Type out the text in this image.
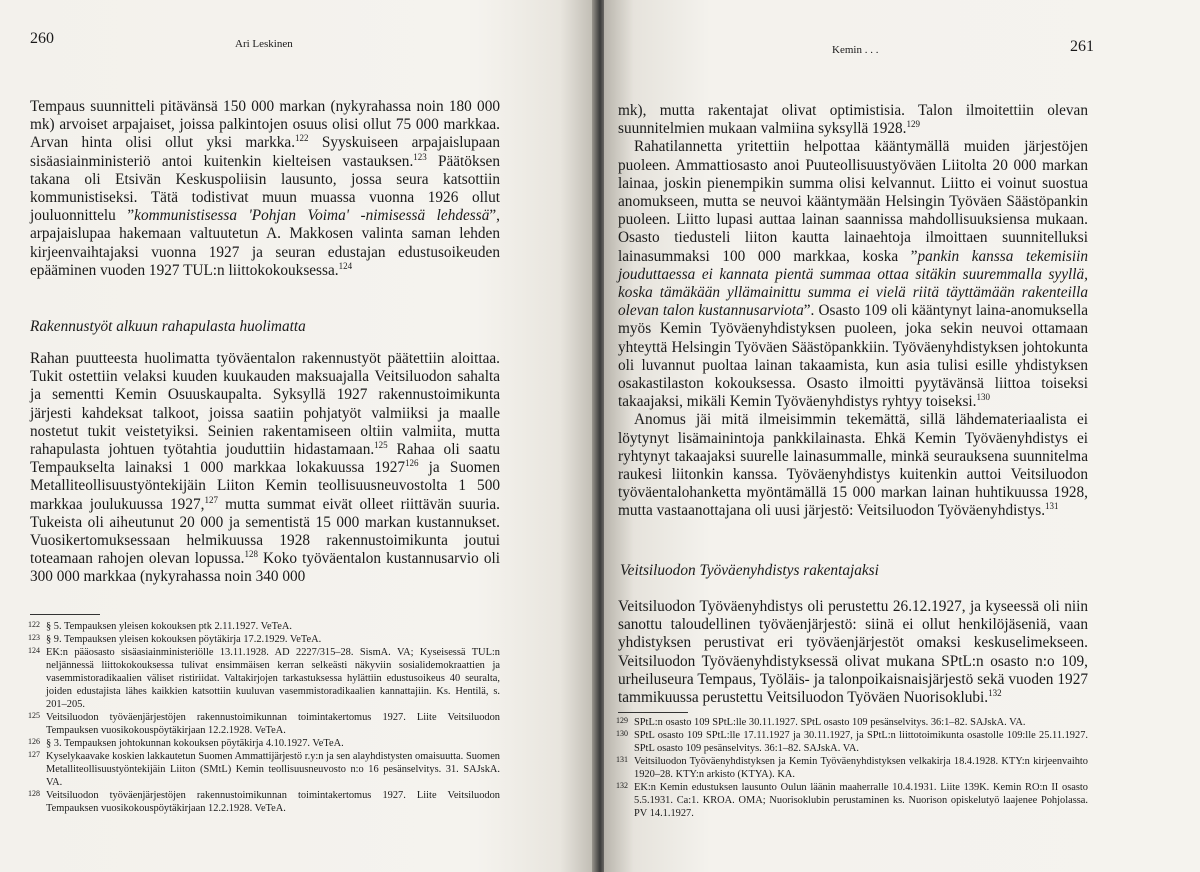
260	Ari Leskinen

Tempaus suunnitteli pitävänsä 150 000 markan (nykyrahassa noin 180 000 mk) arvoiset arpajaiset, joissa palkintojen osuus olisi ollut 75 000 markkaa. Arvan hinta olisi ollut yksi markka.$^{122}$ Syyskuiseen arpajaislupaan sisäasiainministeriö antoi kuitenkin kielteisen vastauksen.$^{123}$ Päätöksen takana oli Etsivän Keskuspoliisin lausunto, jossa seura katsottiin kommunistiseksi. Tätä todistivat muun muassa vuonna 1926 ollut jouluonnittelu ”kommunistisessa 'Pohjan Voima' -nimisessä lehdessä”, arpajaislupaa hakemaan valtuutetun A. Makkosen valinta saman lehden kirjeenvaihtajaksi vuonna 1927 ja seuran edustajan edustusoikeuden epääminen vuoden 1927 TUL:n liittokokouksessa.$^{124}$

Rakennustyöt alkuun rahapulasta huolimatta

Rahan puutteesta huolimatta työväentalon rakennustyöt päätettiin aloittaa. Tukit ostettiin velaksi kuuden kuukauden maksuajalla Veitsiluodon sahalta ja sementti Kemin Osuuskaupalta. Syksyllä 1927 rakennustoimikunta järjesti kahdeksat talkoot, joissa saatiin pohjatyöt valmiiksi ja maalle nostetut tukit veistetyiksi. Seinien rakentamiseen oltiin valmiita, mutta rahapulasta johtuen työtahtia jouduttiin hidastamaan.$^{125}$ Rahaa oli saatu Tempaukselta lainaksi 1 000 markkaa lokakuussa 1927$^{126}$ ja Suomen Metalliteollisuustyöntekijäin Liiton Kemin teollisuusneuvostolta 1 500 markkaa joulukuussa 1927,$^{127}$ mutta summat eivät olleet riittävän suuria. Tukeista oli aiheutunut 20 000 ja sementistä 15 000 markan kustannukset. Vuosikertomuksessaan helmikuussa 1928 rakennustoimikunta joutui toteamaan rahojen olevan lopussa.$^{128}$ Koko työväentalon kustannusarvio oli 300 000 markkaa (nykyrahassa noin 340 000

122 § 5. Tempauksen yleisen kokouksen ptk 2.11.1927. VeTeA.
123 § 9. Tempauksen yleisen kokouksen pöytäkirja 17.2.1929. VeTeA.
124 EK:n pääosasto sisäasiainministeriölle 13.11.1928. AD 2227/315–28. SismA. VA; Kyseisessä TUL:n neljännessä liittokokouksessa tulivat ensimmäisen kerran selkeästi näkyviin sosialidemokraattien ja vasemmistoradikaalien väliset ristiriidat. Valtakirjojen tarkastuksessa hylättiin edustusoikeus 40 seuralta, joiden edustajista lähes kaikkien katsottiin kuuluvan vasemmistoradikaalien kannattajiin. Ks. Hentilä, s. 201–205.
125 Veitsiluodon työväenjärjestöjen rakennustoimikunnan toimintakertomus 1927. Liite Veitsiluodon Tempauksen vuosikokouspöytäkirjaan 12.2.1928. VeTeA.
126 § 3. Tempauksen johtokunnan kokouksen pöytäkirja 4.10.1927. VeTeA.
127 Kyselykaavake koskien lakkautetun Suomen Ammattijärjestö r.y:n ja sen alayhdistysten omaisuutta. Suomen Metalliteollisuustyöntekijäin Liiton (SMtL) Kemin teollisuusneuvosto n:o 16 pesänselvitys. 31. SAJskA. VA.
128 Veitsiluodon työväenjärjestöjen rakennustoimikunnan toimintakertomus 1927. Liite Veitsiluodon Tempauksen vuosikokouspöytäkirjaan 12.2.1928. VeTeA.
Kemin . . .	261

mk), mutta rakentajat olivat optimistisia. Talon ilmoitettiin olevan suunnitelmien mukaan valmiina syksyllä 1928.$^{129}$

Rahatilannetta yritettiin helpottaa kääntymällä muiden järjestöjen puoleen. Ammattiosasto anoi Puuteollisuustyöväen Liitolta 20 000 markan lainaa, joskin pienempikin summa olisi kelvannut. Liitto ei voinut suostua anomukseen, mutta se neuvoi kääntymään Helsingin Työväen Säästöpankin puoleen. Liitto lupasi auttaa lainan saannissa mahdollisuuksiensa mukaan. Osasto tiedusteli liiton kautta lainaehtoja ilmoittaen suunnitelluksi lainasummaksi 100 000 markkaa, koska ”pankin kanssa tekemisiin jouduttaessa ei kannata pientä summaa ottaa sitäkin suuremmalla syyllä, koska tämäkään yllämainittu summa ei vielä riitä täyttämään rakenteilla olevan talon kustannusarviota”. Osasto 109 oli kääntynyt laina-anomuksella myös Kemin Työväenyhdistyksen puoleen, joka sekin neuvoi ottamaan yhteyttä Helsingin Työväen Säästöpankkiin. Työväenyhdistyksen johtokunta oli luvannut puoltaa lainan takaamista, kun asia tulisi esille yhdistyksen osakastilaston kokouksessa. Osasto ilmoitti pyytävänsä liittoa toiseksi takaajaksi, mikäli Kemin Työväenyhdistys ryhtyy toiseksi.$^{130}$

Anomus jäi mitä ilmeisimmin tekemättä, sillä lähdemateriaalista ei löytynyt lisämainintoja pankkilainasta. Ehkä Kemin Työväenyhdistys ei ryhtynyt takaajaksi suurelle lainasummalle, minkä seurauksena suunnitelma raukesi liitonkin kanssa. Työväenyhdistys kuitenkin auttoi Veitsiluodon työväentalohanketta myöntämällä 15 000 markan lainan huhtikuussa 1928, mutta vastaanottajana oli uusi järjestö: Veitsiluodon Työväenyhdistys.$^{131}$

Veitsiluodon Työväenyhdistys rakentajaksi

Veitsiluodon Työväenyhdistys oli perustettu 26.12.1927, ja kyseessä oli niin sanottu taloudellinen työväenjärjestö: siinä ei ollut henkilöjäseniä, vaan yhdistyksen perustivat eri työväenjärjestöt omaksi keskuselimekseen. Veitsiluodon Työväenyhdistyksessä olivat mukana SPtL:n osasto n:o 109, urheiluseura Tempaus, Työläis- ja talonpoikaisnaisjärjestö sekä vuoden 1927 tammikuussa perustettu Veitsiluodon Työväen Nuorisoklubi.$^{132}$

129 SPtL:n osasto 109 SPtL:lle 30.11.1927. SPtL osasto 109 pesänselvitys. 36:1–82. SAJskA. VA.
130 SPtL osasto 109 SPtL:lle 17.11.1927 ja 30.11.1927, ja SPtL:n liittotoimikunta osastolle 109:lle 25.11.1927. SPtL osasto 109 pesänselvitys. 36:1–82. SAJskA. VA.
131 Veitsiluodon Työväenyhdistyksen ja Kemin Työväenyhdistyksen velkakirja 18.4.1928. KTY:n kirjeenvaihto 1920–28. KTY:n arkisto (KTYA). KA.
132 EK:n Kemin edustuksen lausunto Oulun läänin maaherralle 10.4.1931. Liite 139K. Kemin RO:n II osasto 5.5.1931. Ca:1. KROA. OMA; Nuorisoklubin perustaminen ks. Nuorison opiskelutyö laajenee Pohjolassa. PV 14.1.1927.
